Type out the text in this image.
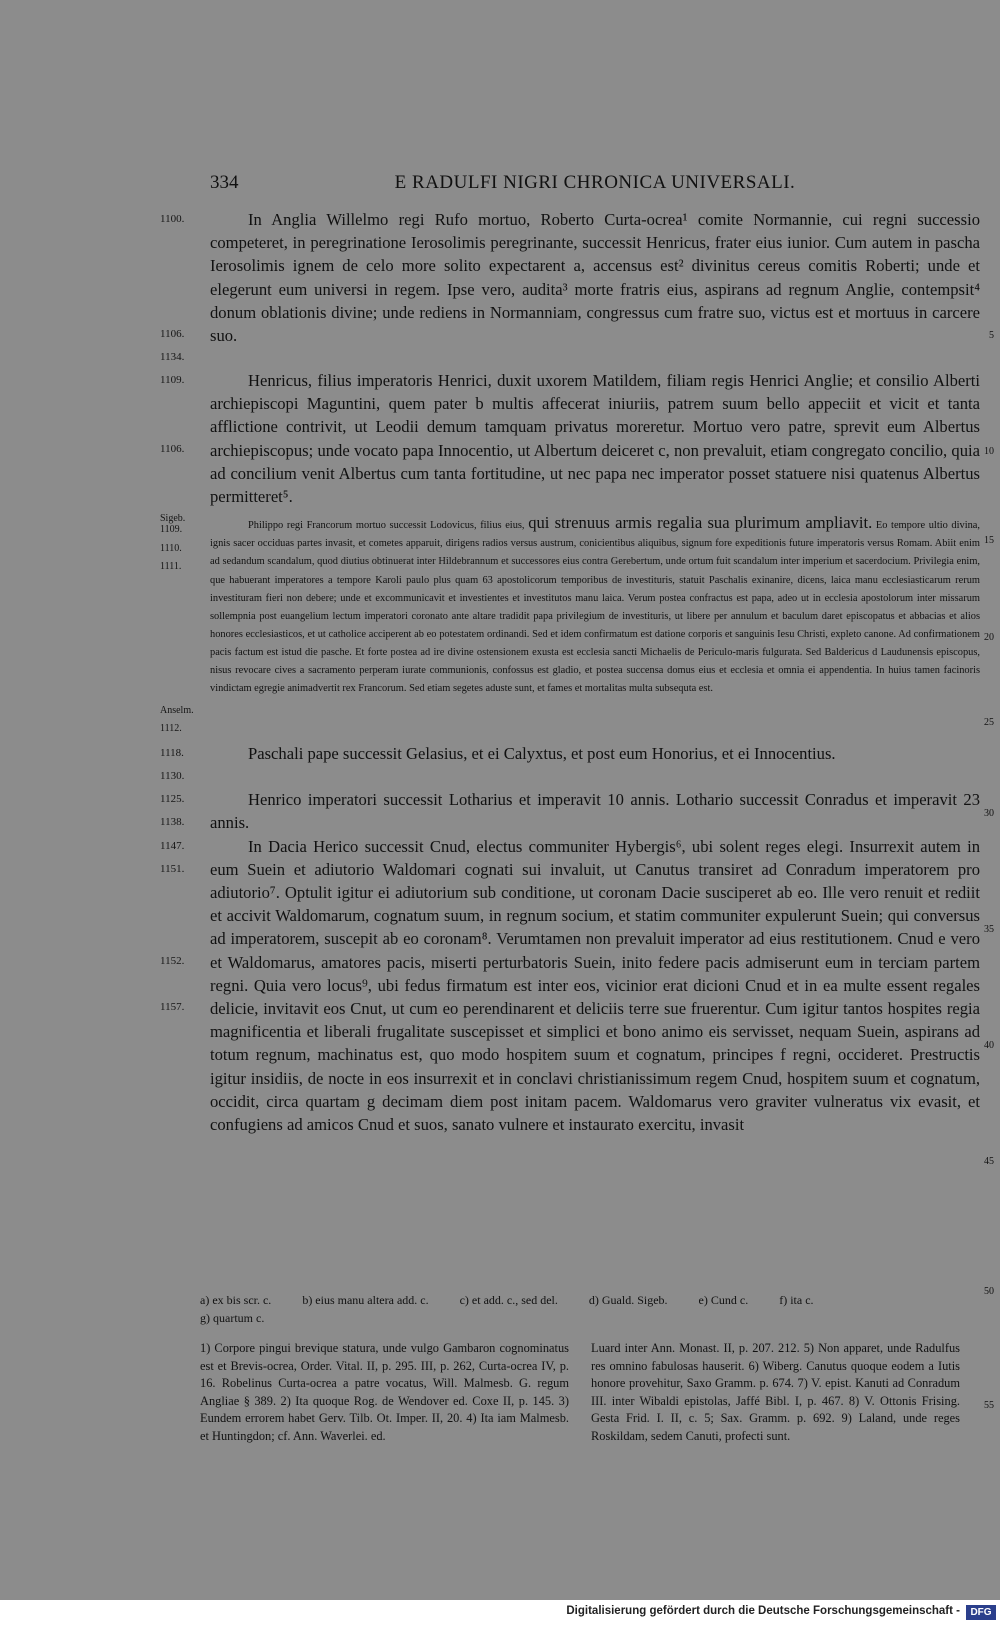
334	E RADULFI NIGRI CHRONICA UNIVERSALI.
1100.
1106.
1134.
In Anglia Willelmo regi Rufo mortuo, Roberto Curta-ocrea¹ comite Normannie, cui regni successio competeret, in peregrinatione Ierosolimis peregrinante, successit Henricus, frater eius iunior. Cum autem in pascha Ierosolimis ignem de celo more solito expectarent a, accensus est² divinitus cereus comitis Roberti; unde et elegerunt eum universi in regem. Ipse vero, audita³ morte fratris eius, aspirans ad regnum Anglie, contempsit⁴ donum oblationis divine; unde rediens in Normanniam, congressus cum fratre suo, victus est et mortuus in carcere suo.
1109.
1106.
Henricus, filius imperatoris Henrici, duxit uxorem Matildem, filiam regis Henrici Anglie; et consilio Alberti archiepiscopi Maguntini, quem pater b multis affecerat iniuriis, patrem suum bello appeciit et vicit et tanta afflictione contrivit, ut Leodii demum tamquam privatus moreretur. Mortuo vero patre, sprevit eum Albertus archiepiscopus; unde vocato papa Innocentio, ut Albertum deiceret c, non prevaluit, etiam congregato concilio, quia ad concilium venit Albertus cum tanta fortitudine, ut nec papa nec imperator posset statuere nisi quatenus Albertus permitteret⁵.
Sigeb.
1109.
1110.
1111.
Anselm.
1112.
Philippo regi Francorum mortuo successit Lodovicus, filius eius, qui strenuus armis regalia sua plurimum ampliavit. Eo tempore ultio divina, ignis sacer occiduas partes invasit, et cometes apparuit, dirigens radios versus austrum, conicientibus aliquibus, signum fore expeditionis future imperatoris versus Romam. Abiit enim ad sedandum scandalum, quod diutius obtinuerat inter Hildebrannum et successores eius contra Gerebertum, unde ortum fuit scandalum inter imperium et sacerdocium. Privilegia enim, que habuerant imperatores a tempore Karoli paulo plus quam 63 apostolicorum temporibus de investituris, statuit Paschalis exinanire, dicens, laica manu ecclesiasticarum rerum investituram fieri non debere; unde et excommunicavit et investientes et investitutos manu laica. Verum postea confractus est papa, adeo ut in ecclesia apostolorum inter missarum sollempnia post euangelium lectum imperatori coronato ante altare tradidit papa privilegium de investituris, ut libere per annulum et baculum daret episcopatus et abbacias et alios honores ecclesiasticos, et ut catholice acciperent ab eo potestatem ordinandi. Sed et idem confirmatum est datione corporis et sanguinis Iesu Christi, expleto canone. Ad confirmationem pacis factum est istud die pasche. Et forte postea ad ire divine ostensionem exusta est ecclesia sancti Michaelis de Periculo-maris fulgurata. Sed Baldericus d Laudunensis episcopus, nisus revocare cives a sacramento perperam iurate communionis, confossus est gladio, et postea succensa domus eius et ecclesia et omnia ei appendentia. In huius tamen facinoris vindictam egregie animadvertit rex Francorum. Sed etiam segetes aduste sunt, et fames et mortalitas multa subsequta est.
1118.
1130.
Paschali pape successit Gelasius, et ei Calyxtus, et post eum Honorius, et ei Innocentius.
1125.
1138.
Henrico imperatori successit Lotharius et imperavit 10 annis. Lothario successit Conradus et imperavit 23 annis.
1147.
1151.
1152.
1157.
In Dacia Herico successit Cnud, electus communiter Hybergis⁶, ubi solent reges elegi. Insurrexit autem in eum Suein et adiutorio Waldomari cognati sui invaluit, ut Canutus transiret ad Conradum imperatorem pro adiutorio⁷. Optulit igitur ei adiutorium sub conditione, ut coronam Dacie susciperet ab eo. Ille vero renuit et rediit et accivit Waldomarum, cognatum suum, in regnum socium, et statim communiter expulerunt Suein; qui conversus ad imperatorem, suscepit ab eo coronam⁸. Verumtamen non prevaluit imperator ad eius restitutionem. Cnud e vero et Waldomarus, amatores pacis, miserti perturbatoris Suein, inito federe pacis admiserunt eum in terciam partem regni. Quia vero locus⁹, ubi fedus firmatum est inter eos, vicinior erat dicioni Cnud et in ea multe essent regales delicie, invitavit eos Cnut, ut cum eo perendinarent et deliciis terre sue fruerentur. Cum igitur tantos hospites regia magnificentia et liberali frugalitate suscepisset et simplici et bono animo eis servisset, nequam Suein, aspirans ad totum regnum, machinatus est, quo modo hospitem suum et cognatum, principes f regni, occideret. Prestructis igitur insidiis, de nocte in eos insurrexit et in conclavi christianissimum regem Cnud, hospitem suum et cognatum, occidit, circa quartam g decimam diem post initam pacem. Waldomarus vero graviter vulneratus vix evasit, et confugiens ad amicos Cnud et suos, sanato vulnere et instaurato exercitu, invasit
5
10
15
20
25
30
35
40
45
50
55
a) ex bis scr. c.	b) eius manu altera add. c.	c) et add. c., sed del.	d) Guald. Sigeb.	e) Cund c.	f) ita c.
g) quartum c.
1) Corpore pingui brevique statura, unde vulgo Gambaron cognominatus est et Brevis-ocrea, Order. Vital. II, p. 295. III, p. 262, Curta-ocrea IV, p. 16. Robelinus Curta-ocrea a patre vocatus, Will. Malmesb. G. regum Angliae § 389. 2) Ita quoque Rog. de Wendover ed. Coxe II, p. 145. 3) Eundem errorem habet Gerv. Tilb. Ot. Imper. II, 20. 4) Ita iam Malmesb. et Huntingdon; cf. Ann. Waverlei. ed.
Luard inter Ann. Monast. II, p. 207. 212. 5) Non apparet, unde Radulfus res omnino fabulosas hauserit. 6) Wiberg. Canutus quoque eodem a Iutis honore provehitur, Saxo Gramm. p. 674. 7) V. epist. Kanuti ad Conradum III. inter Wibaldi epistolas, Jaffé Bibl. I, p. 467. 8) V. Ottonis Frising. Gesta Frid. I. II, c. 5; Sax. Gramm. p. 692. 9) Laland, unde reges Roskildam, sedem Canuti, profecti sunt.
Digitalisierung gefördert durch die Deutsche Forschungsgemeinschaft -	DFG
